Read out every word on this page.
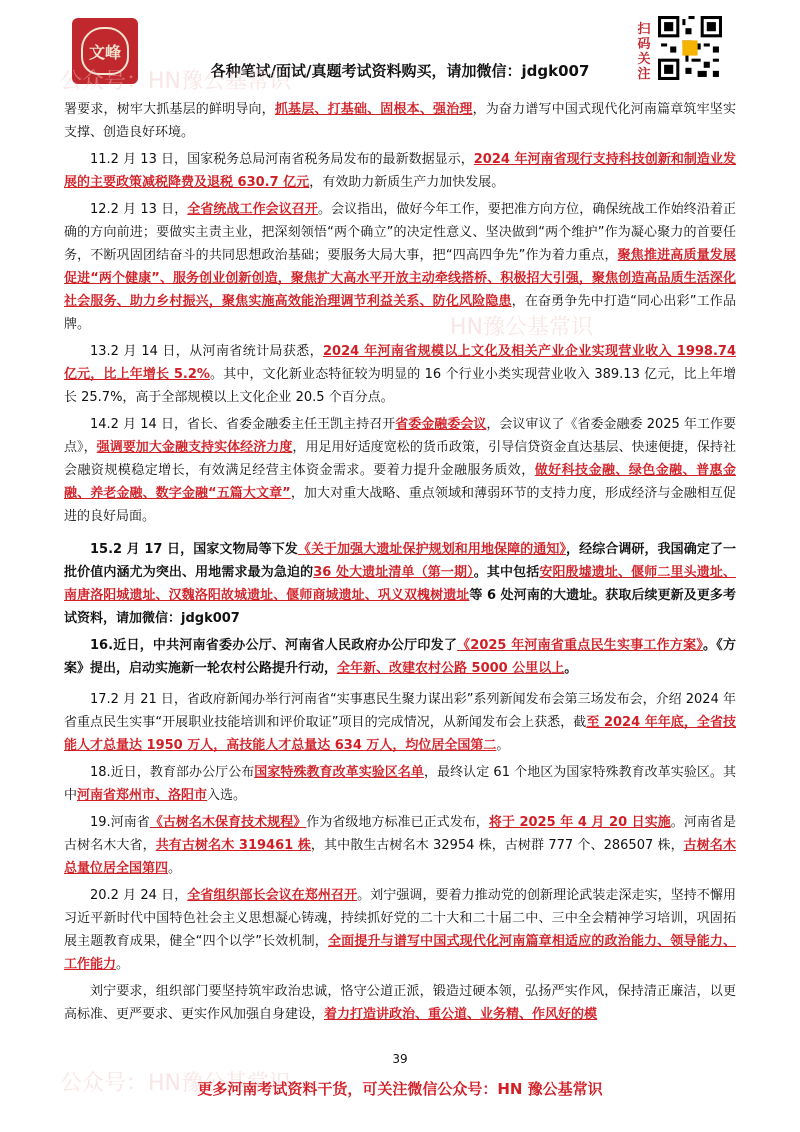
文峰
各种笔试/面试/真题考试资料购买，请加微信：jdgk007
扫码关注
公众号：HN豫公基常识
HN豫公基常识
公众号：HN豫公基常识

署要求，树牢大抓基层的鲜明导向，抓基层、打基础、固根本、强治理，为奋力谱写中国式现代化河南篇章筑牢坚实支撑、创造良好环境。

11.2 月 13 日，国家税务总局河南省税务局发布的最新数据显示，2024 年河南省现行支持科技创新和制造业发展的主要政策减税降费及退税 630.7 亿元，有效助力新质生产力加快发展。

12.2 月 13 日，全省统战工作会议召开。会议指出，做好今年工作，要把准方向方位，确保统战工作始终沿着正确的方向前进；要做实主责主业，把深刻领悟“两个确立”的决定性意义、坚决做到“两个维护”作为凝心聚力的首要任务，不断巩固团结奋斗的共同思想政治基础；要服务大局大事，把“四高四争先”作为着力重点，聚焦推进高质量发展促进“两个健康”、服务创业创新创造，聚焦扩大高水平开放主动牵线搭桥、积极招大引强，聚焦创造高品质生活深化社会服务、助力乡村振兴，聚焦实施高效能治理调节利益关系、防化风险隐患，在奋勇争先中打造“同心出彩”工作品牌。

13.2 月 14 日，从河南省统计局获悉，2024 年河南省规模以上文化及相关产业企业实现营业收入 1998.74 亿元，比上年增长 5.2%。其中，文化新业态特征较为明显的 16 个行业小类实现营业收入 389.13 亿元，比上年增长 25.7%，高于全部规模以上文化企业 20.5 个百分点。

14.2 月 14 日，省长、省委金融委主任王凯主持召开省委金融委会议，会议审议了《省委金融委 2025 年工作要点》，强调要加大金融支持实体经济力度，用足用好适度宽松的货币政策，引导信贷资金直达基层、快速便捷，保持社会融资规模稳定增长，有效满足经营主体资金需求。要着力提升金融服务质效，做好科技金融、绿色金融、普惠金融、养老金融、数字金融“五篇大文章”，加大对重大战略、重点领域和薄弱环节的支持力度，形成经济与金融相互促进的良好局面。

15.2 月 17 日，国家文物局等下发《关于加强大遗址保护规划和用地保障的通知》，经综合调研，我国确定了一批价值内涵尤为突出、用地需求最为急迫的36 处大遗址清单（第一期）。其中包括安阳殷墟遗址、偃师二里头遗址、南唐洛阳城遗址、汉魏洛阳故城遗址、偃师商城遗址、巩义双槐树遗址等 6 处河南的大遗址。获取后续更新及更多考试资料，请加微信：jdgk007

16.近日，中共河南省委办公厅、河南省人民政府办公厅印发了《2025 年河南省重点民生实事工作方案》。《方案》提出，启动实施新一轮农村公路提升行动，全年新、改建农村公路 5000 公里以上。

17.2 月 21 日，省政府新闻办举行河南省“实事惠民生聚力谋出彩”系列新闻发布会第三场发布会，介绍 2024 年省重点民生实事“开展职业技能培训和评价取证”项目的完成情况，从新闻发布会上获悉，截至 2024 年年底，全省技能人才总量达 1950 万人，高技能人才总量达 634 万人，均位居全国第二。

18.近日，教育部办公厅公布国家特殊教育改革实验区名单，最终认定 61 个地区为国家特殊教育改革实验区。其中河南省郑州市、洛阳市入选。

19.河南省《古树名木保育技术规程》作为省级地方标准已正式发布，将于 2025 年 4 月 20 日实施。河南省是古树名木大省，共有古树名木 319461 株，其中散生古树名木 32954 株，古树群 777 个、286507 株，古树名木总量位居全国第四。

20.2 月 24 日，全省组织部长会议在郑州召开。刘宁强调，要着力推动党的创新理论武装走深走实，坚持不懈用习近平新时代中国特色社会主义思想凝心铸魂，持续抓好党的二十大和二十届二中、三中全会精神学习培训，巩固拓展主题教育成果，健全“四个以学”长效机制，全面提升与谱写中国式现代化河南篇章相适应的政治能力、领导能力、工作能力。

刘宁要求，组织部门要坚持筑牢政治忠诚，恪守公道正派，锻造过硬本领，弘扬严实作风，保持清正廉洁，以更高标准、更严要求、更实作风加强自身建设，着力打造讲政治、重公道、业务精、作风好的模

39
更多河南考试资料干货，可关注微信公众号：HN 豫公基常识
